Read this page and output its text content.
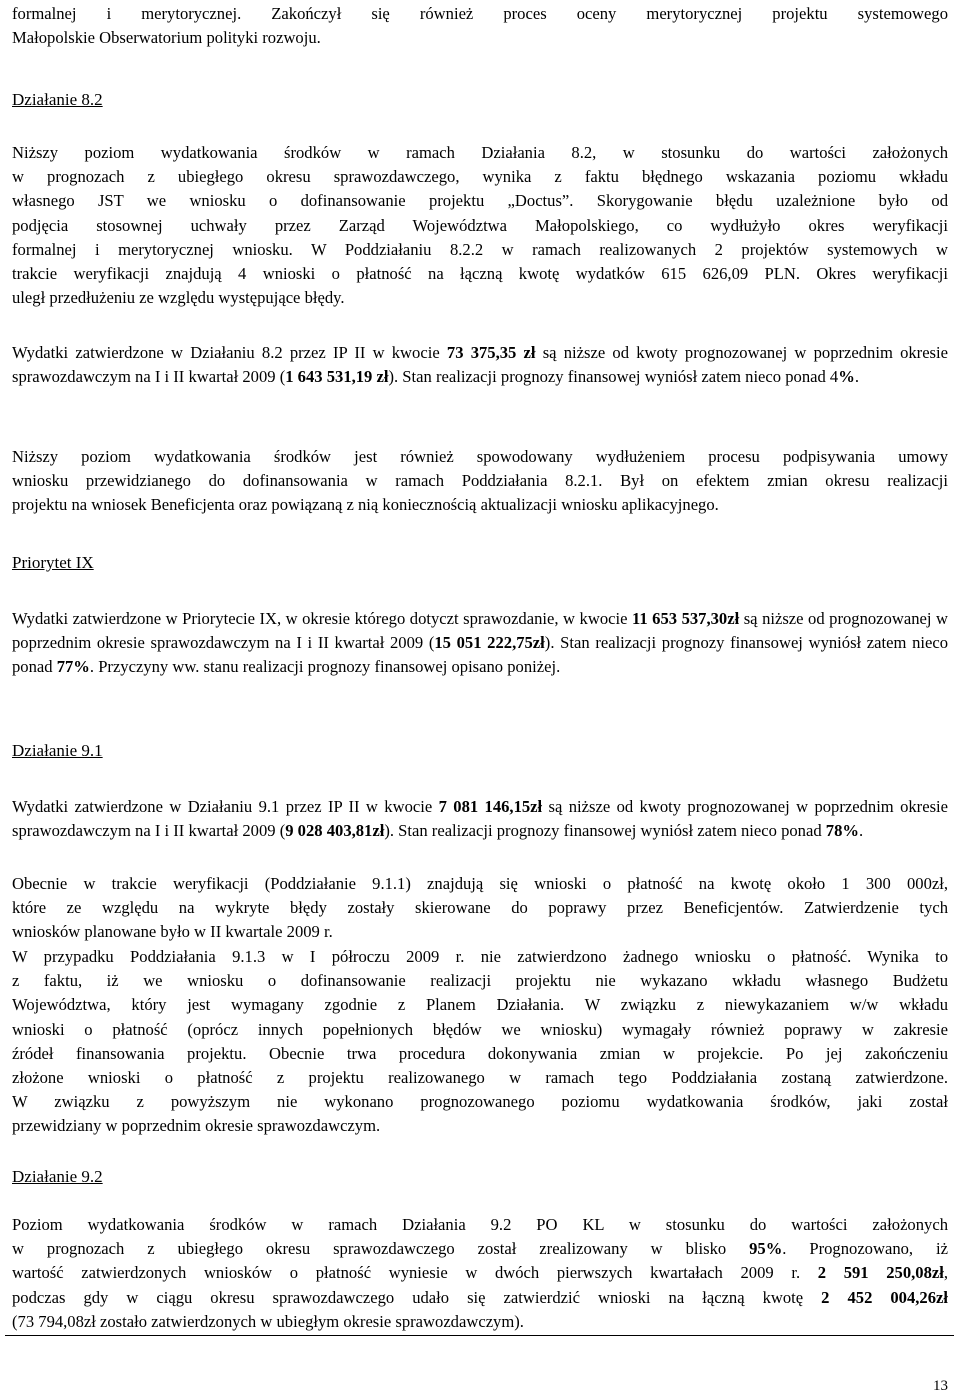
formalnej i merytorycznej. Zakończył się również proces oceny merytorycznej projektu systemowego
Małopolskie Obserwatorium polityki rozwoju.
Działanie 8.2
Niższy poziom wydatkowania środków w ramach Działania 8.2, w stosunku do wartości założonych
w prognozach z ubiegłego okresu sprawozdawczego, wynika z faktu błędnego wskazania poziomu wkładu
własnego JST we wniosku o dofinansowanie projektu „Doctus”. Skorygowanie błędu uzależnione było od
podjęcia stosownej uchwały przez Zarząd Województwa Małopolskiego, co wydłużyło okres weryfikacji
formalnej i merytorycznej wniosku. W Poddziałaniu 8.2.2 w ramach realizowanych 2 projektów systemowych w
trakcie weryfikacji znajdują 4 wnioski o płatność na łączną kwotę wydatków 615 626,09 PLN. Okres weryfikacji
uległ przedłużeniu ze względu występujące błędy.
Wydatki zatwierdzone w Działaniu 8.2 przez IP II w kwocie 73 375,35 zł są niższe od kwoty prognozowanej w poprzednim okresie sprawozdawczym na I i II kwartał 2009 (1 643 531,19 zł). Stan realizacji prognozy finansowej wyniósł zatem nieco ponad 4%.
Niższy poziom wydatkowania środków jest również spowodowany wydłużeniem procesu podpisywania umowy
wniosku przewidzianego do dofinansowania w ramach Poddziałania 8.2.1. Był on efektem zmian okresu realizacji
projektu na wniosek Beneficjenta oraz powiązaną z nią koniecznością aktualizacji wniosku aplikacyjnego.
Priorytet IX
Wydatki zatwierdzone w Priorytecie IX, w okresie którego dotyczt sprawozdanie, w kwocie 11 653 537,30zł są niższe od prognozowanej w poprzednim okresie sprawozdawczym na I i II kwartał 2009 (15 051 222,75zł). Stan realizacji prognozy finansowej wyniósł zatem nieco ponad 77%. Przyczyny ww. stanu realizacji prognozy finansowej opisano poniżej.
Działanie 9.1
Wydatki zatwierdzone w Działaniu 9.1 przez IP II w kwocie 7 081 146,15zł są niższe od kwoty prognozowanej w poprzednim okresie sprawozdawczym na I i II kwartał 2009 (9 028 403,81zł). Stan realizacji prognozy finansowej wyniósł zatem nieco ponad 78%.
Obecnie w trakcie weryfikacji (Poddziałanie 9.1.1) znajdują się wnioski o płatność na kwotę około 1 300 000zł,
które ze względu na wykryte błędy zostały skierowane do poprawy przez Beneficjentów. Zatwierdzenie tych
wniosków planowane było w II kwartale 2009 r.
W przypadku Poddziałania 9.1.3 w I półroczu 2009 r. nie zatwierdzono żadnego wniosku o płatność. Wynika to
z faktu, iż we wniosku o dofinansowanie realizacji projektu nie wykazano wkładu własnego Budżetu
Województwa, który jest wymagany zgodnie z Planem Działania. W związku z niewykazaniem w/w wkładu
wnioski o płatność (oprócz innych popełnionych błędów we wniosku) wymagały również poprawy w zakresie
źródeł finansowania projektu. Obecnie trwa procedura dokonywania zmian w projekcie. Po jej zakończeniu
złożone wnioski o płatność z projektu realizowanego w ramach tego Poddziałania zostaną zatwierdzone.
W związku z powyższym nie wykonano prognozowanego poziomu wydatkowania środków, jaki został
przewidziany w poprzednim okresie sprawozdawczym.
Działanie 9.2
Poziom wydatkowania środków w ramach Działania 9.2 PO KL w stosunku do wartości założonych
w prognozach z ubiegłego okresu sprawozdawczego został zrealizowany w blisko 95%. Prognozowano, iż
wartość zatwierdzonych wniosków o płatność wyniesie w dwóch pierwszych kwartałach 2009 r. 2 591 250,08zł,
podczas gdy w ciągu okresu sprawozdawczego udało się zatwierdzić wnioski na łączną kwotę 2 452 004,26zł
(73 794,08zł zostało zatwierdzonych w ubiegłym okresie sprawozdawczym).
13
